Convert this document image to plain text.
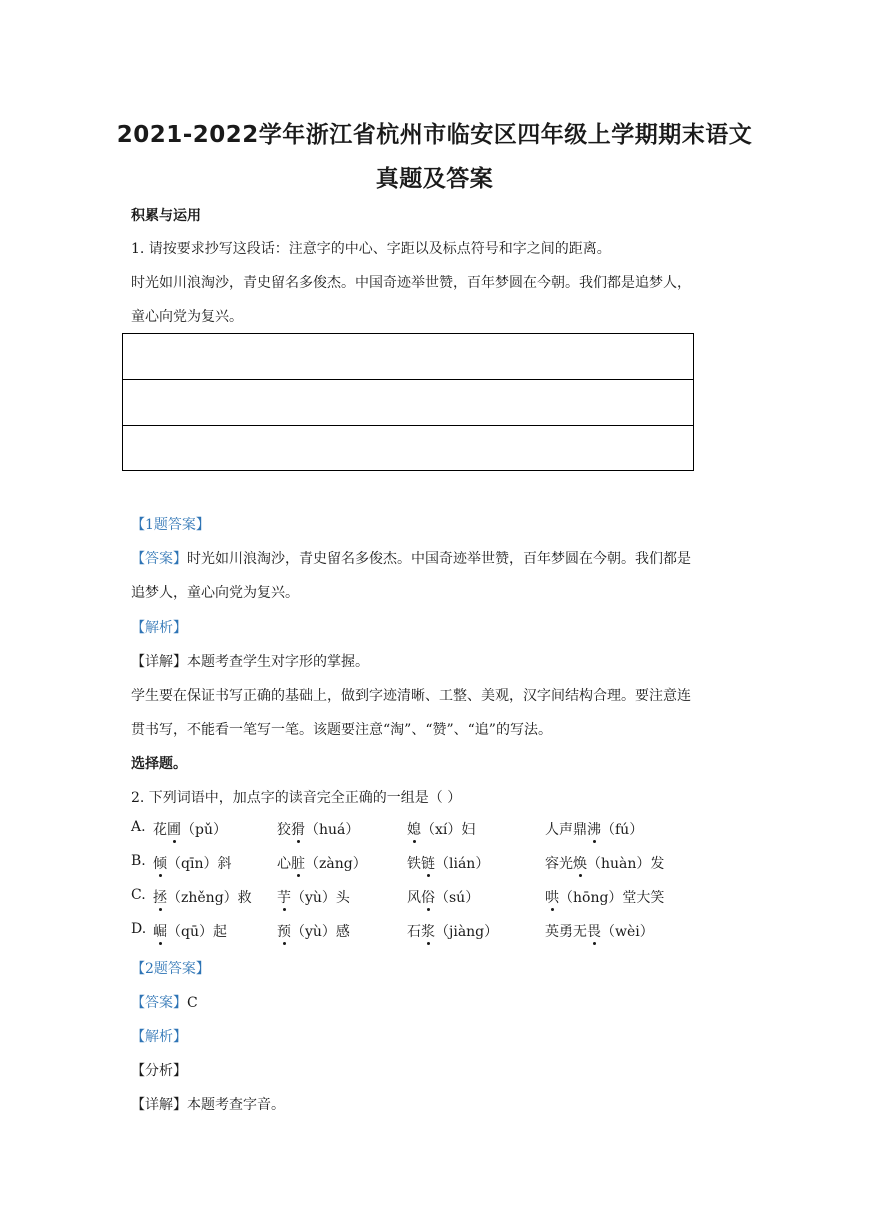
2021-2022学年浙江省杭州市临安区四年级上学期期末语文
真题及答案
积累与运用
1. 请按要求抄写这段话：注意字的中心、字距以及标点符号和字之间的距离。
时光如川浪淘沙，青史留名多俊杰。中国奇迹举世赞，百年梦圆在今朝。我们都是追梦人，
童心向党为复兴。
【1题答案】
【答案】时光如川浪淘沙，青史留名多俊杰。中国奇迹举世赞，百年梦圆在今朝。我们都是
追梦人，童心向党为复兴。
【解析】
【详解】本题考查学生对字形的掌握。
学生要在保证书写正确的基础上，做到字迹清晰、工整、美观，汉字间结构合理。要注意连
贯书写，不能看一笔写一笔。该题要注意“淘”、“赞”、“追”的写法。
选择题。
2. 下列词语中，加点字的读音完全正确的一组是（ ）
A. 花圃（pǔ）	狡猾（huá）	媳（xí）妇	人声鼎沸（fú）
B. 倾（qīn）斜	心脏（zàng）	铁链（lián）	容光焕（huàn）发
C. 拯（zhěng）救 芋（yù）头	风俗（sú）	哄（hōng）堂大笑
D. 崛（qū）起	预（yù）感	石浆（jiàng）	英勇无畏（wèi）
【2题答案】
【答案】C
【解析】
【分析】
【详解】本题考查字音。
